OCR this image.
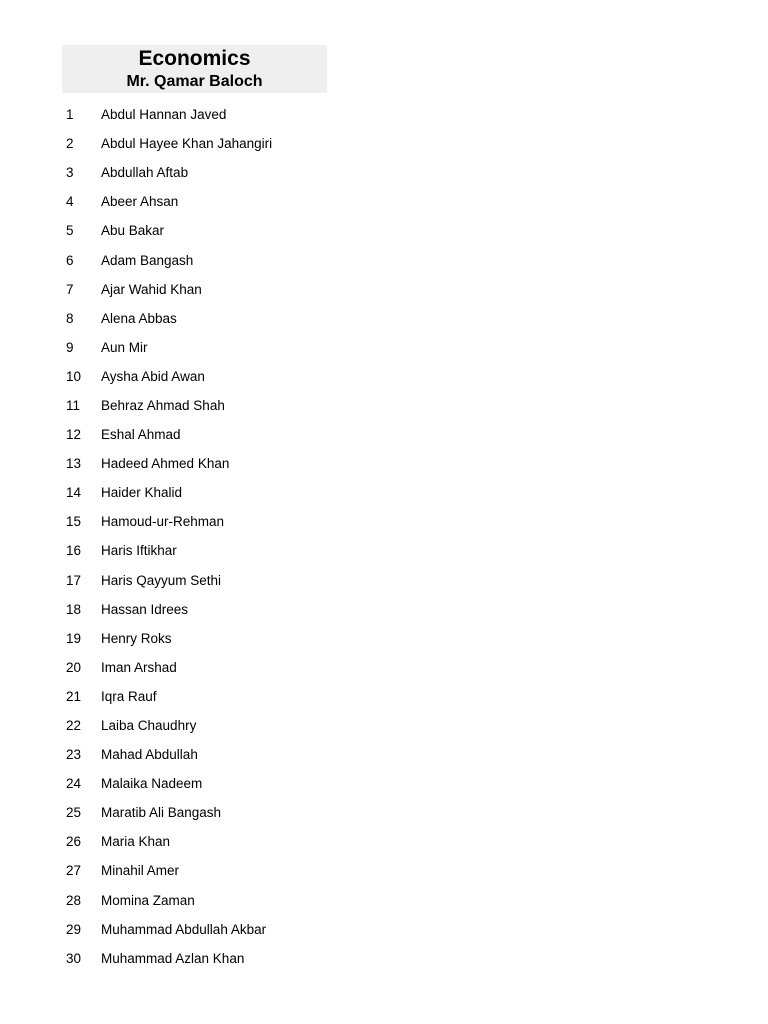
Economics
Mr. Qamar Baloch
1	Abdul Hannan Javed
2	Abdul Hayee Khan Jahangiri
3	Abdullah Aftab
4	Abeer Ahsan
5	Abu Bakar
6	Adam Bangash
7	Ajar Wahid Khan
8	Alena Abbas
9	Aun Mir
10	Aysha Abid Awan
11	Behraz Ahmad Shah
12	Eshal Ahmad
13	Hadeed Ahmed Khan
14	Haider Khalid
15	Hamoud-ur-Rehman
16	Haris Iftikhar
17	Haris Qayyum Sethi
18	Hassan Idrees
19	Henry Roks
20	Iman Arshad
21	Iqra Rauf
22	Laiba Chaudhry
23	Mahad Abdullah
24	Malaika Nadeem
25	Maratib Ali Bangash
26	Maria Khan
27	Minahil Amer
28	Momina Zaman
29	Muhammad Abdullah Akbar
30	Muhammad Azlan Khan
